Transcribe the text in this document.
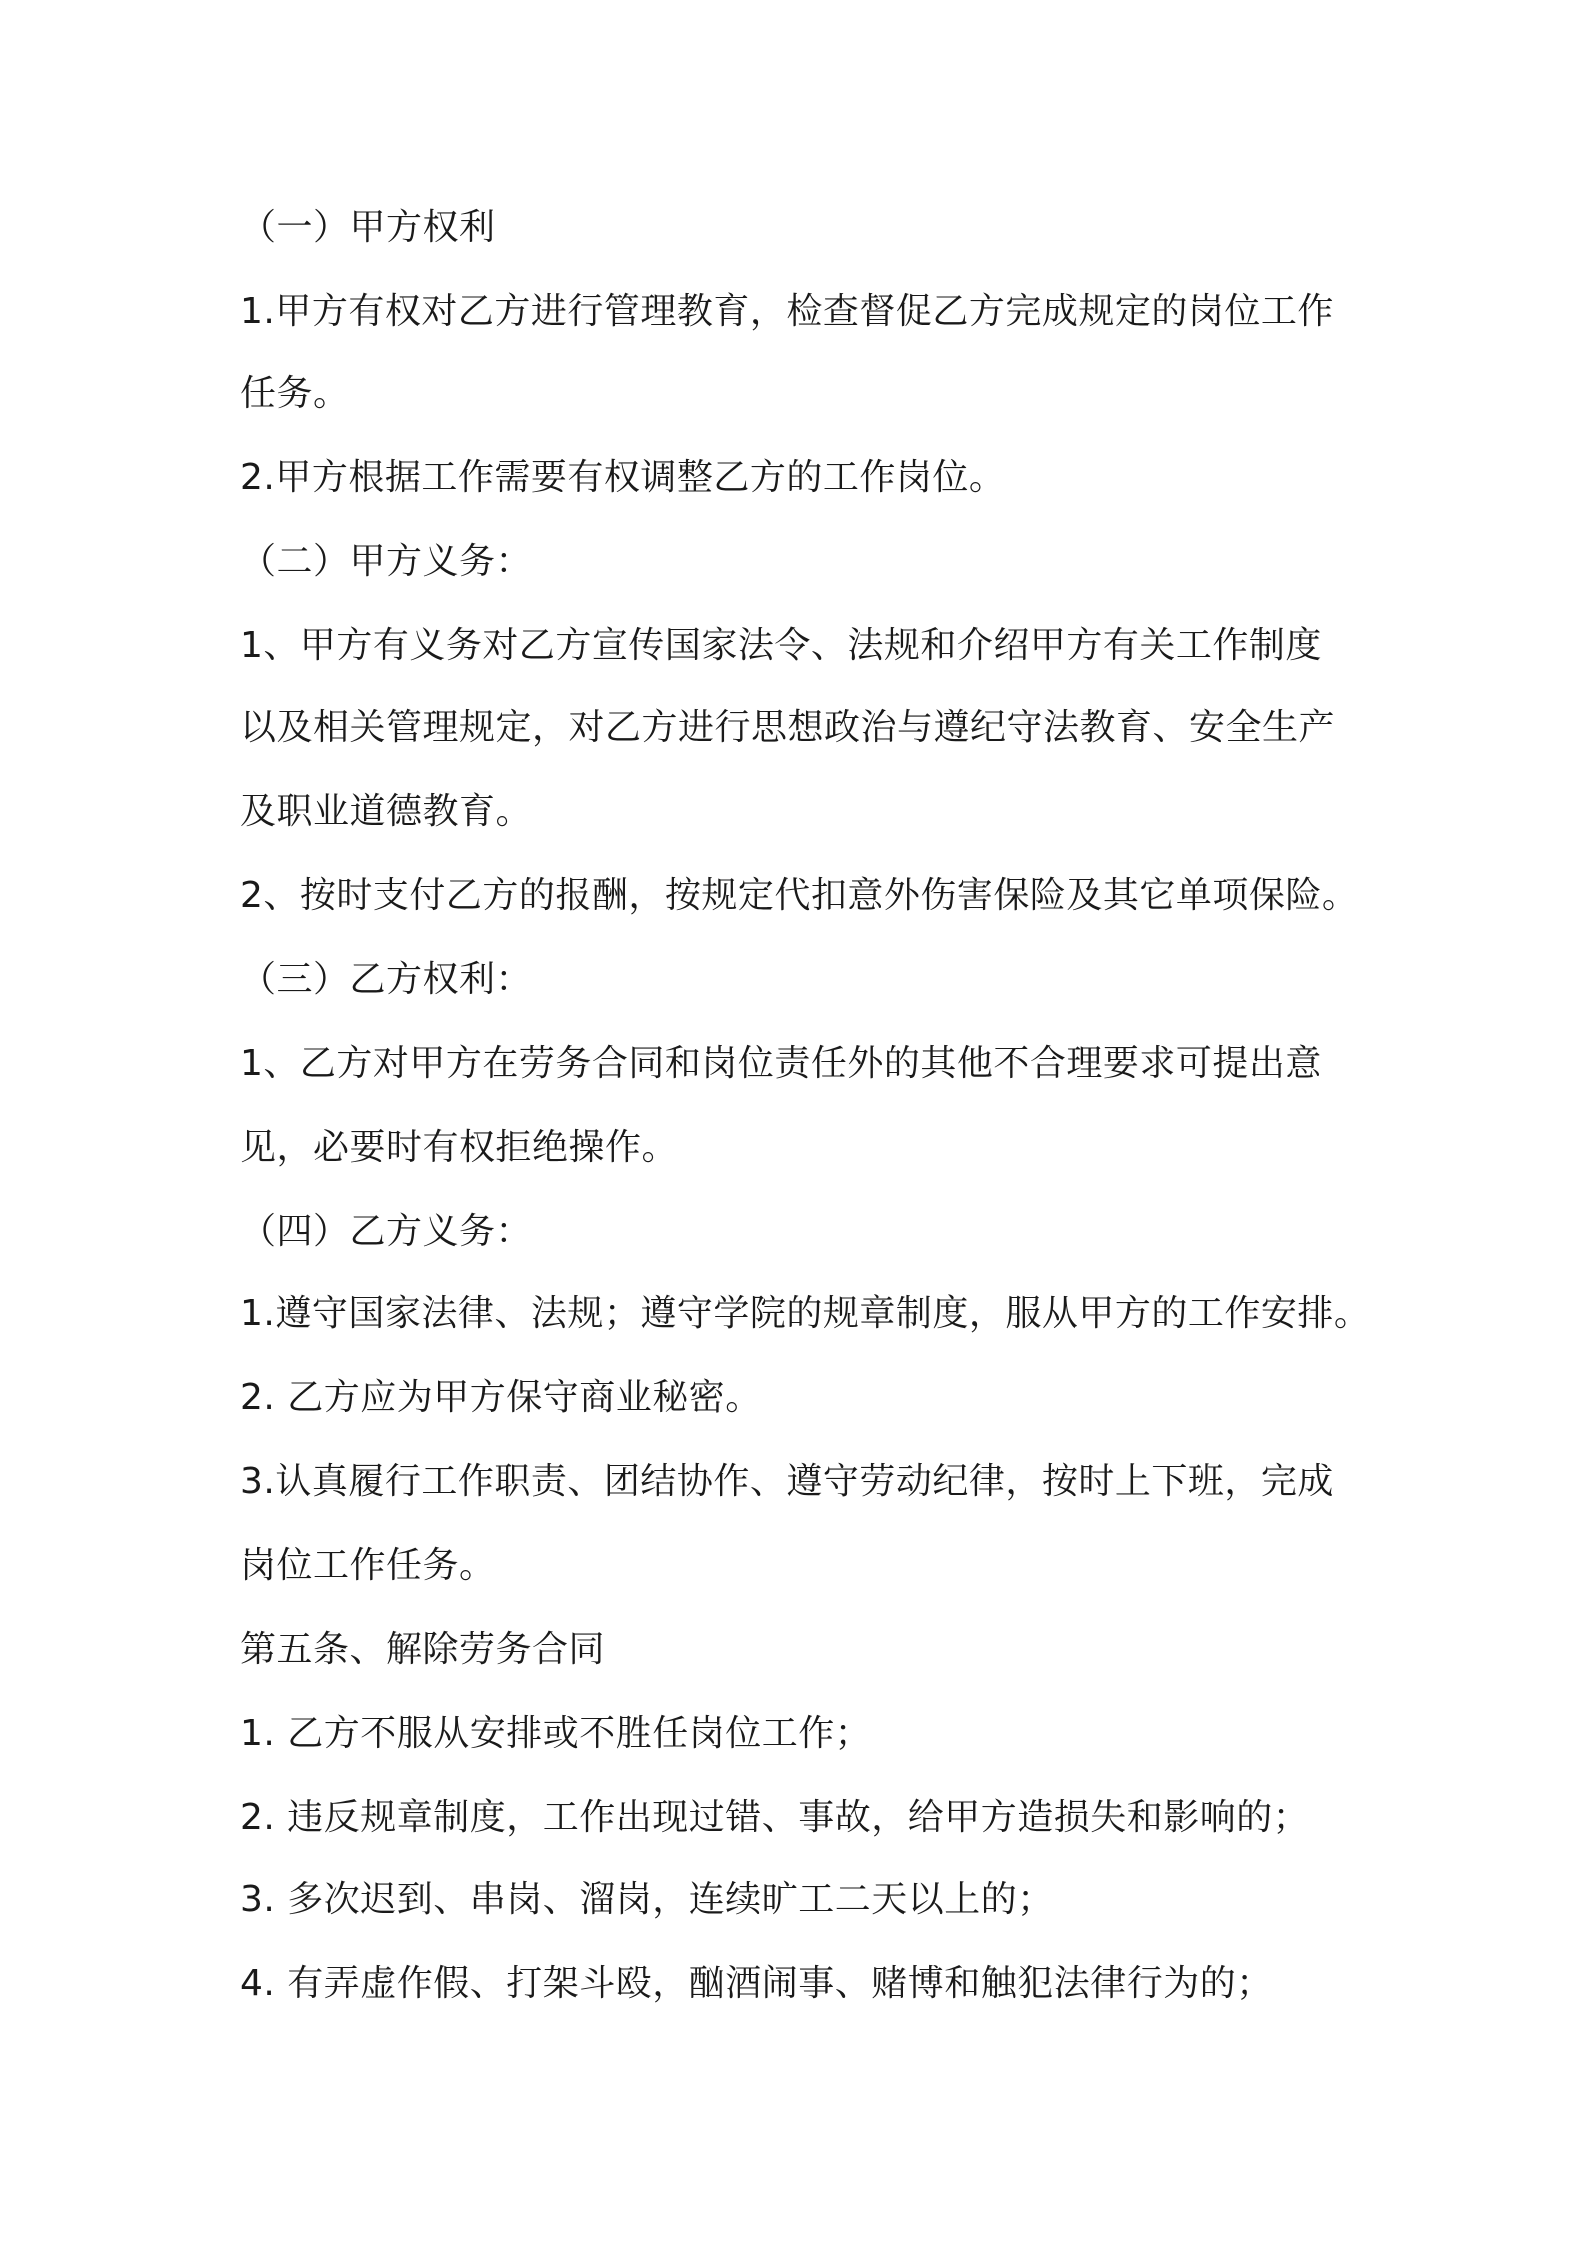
（一）甲方权利
1.甲方有权对乙方进行管理教育，检查督促乙方完成规定的岗位工作
任务。
2.甲方根据工作需要有权调整乙方的工作岗位。
（二）甲方义务：
1、甲方有义务对乙方宣传国家法令、法规和介绍甲方有关工作制度
以及相关管理规定，对乙方进行思想政治与遵纪守法教育、安全生产
及职业道德教育。
2、按时支付乙方的报酬，按规定代扣意外伤害保险及其它单项保险。
（三）乙方权利：
1、乙方对甲方在劳务合同和岗位责任外的其他不合理要求可提出意
见，必要时有权拒绝操作。
（四）乙方义务：
1.遵守国家法律、法规；遵守学院的规章制度，服从甲方的工作安排。
2. 乙方应为甲方保守商业秘密。
3.认真履行工作职责、团结协作、遵守劳动纪律，按时上下班，完成
岗位工作任务。
第五条、解除劳务合同
1. 乙方不服从安排或不胜任岗位工作；
2. 违反规章制度，工作出现过错、事故，给甲方造损失和影响的；
3. 多次迟到、串岗、溜岗，连续旷工二天以上的；
4. 有弄虚作假、打架斗殴，酗酒闹事、赌博和触犯法律行为的；
